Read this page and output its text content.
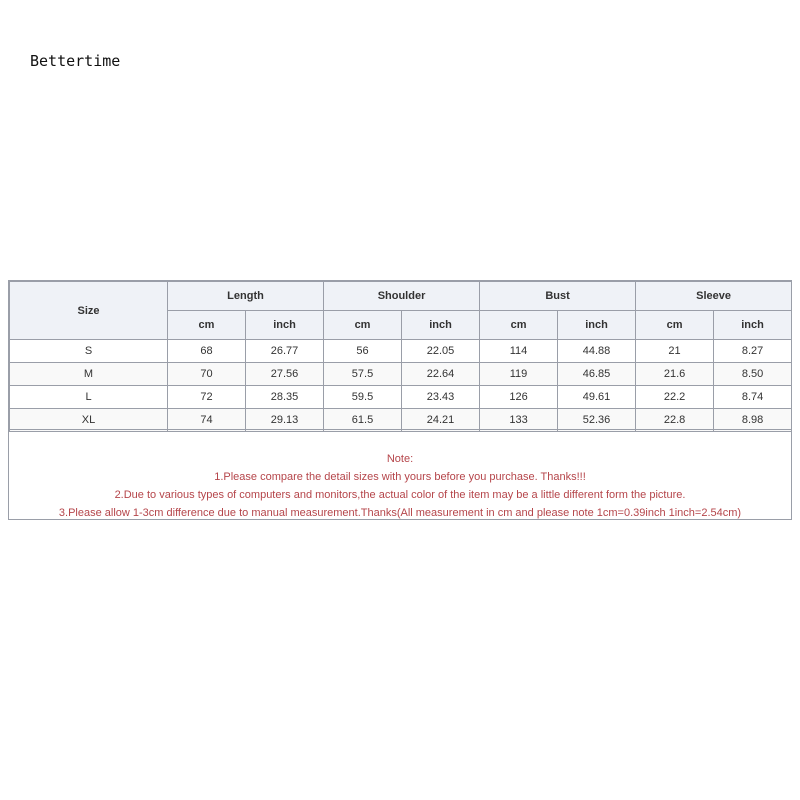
Bettertime
Size	Length		Shoulder		Bust		Sleeve	
	cm	inch	cm	inch	cm	inch	cm	inch
S	68	26.77	56	22.05	114	44.88	21	8.27
M	70	27.56	57.5	22.64	119	46.85	21.6	8.50
L	72	28.35	59.5	23.43	126	49.61	22.2	8.74
XL	74	29.13	61.5	24.21	133	52.36	22.8	8.98
Note:
1.Please compare the detail sizes with yours before you purchase. Thanks!!!
2.Due to various types of computers and monitors,the actual color of the item may be a little different form the picture.
3.Please allow 1-3cm difference due to manual measurement.Thanks(All measurement in cm and please note 1cm=0.39inch 1inch=2.54cm)
